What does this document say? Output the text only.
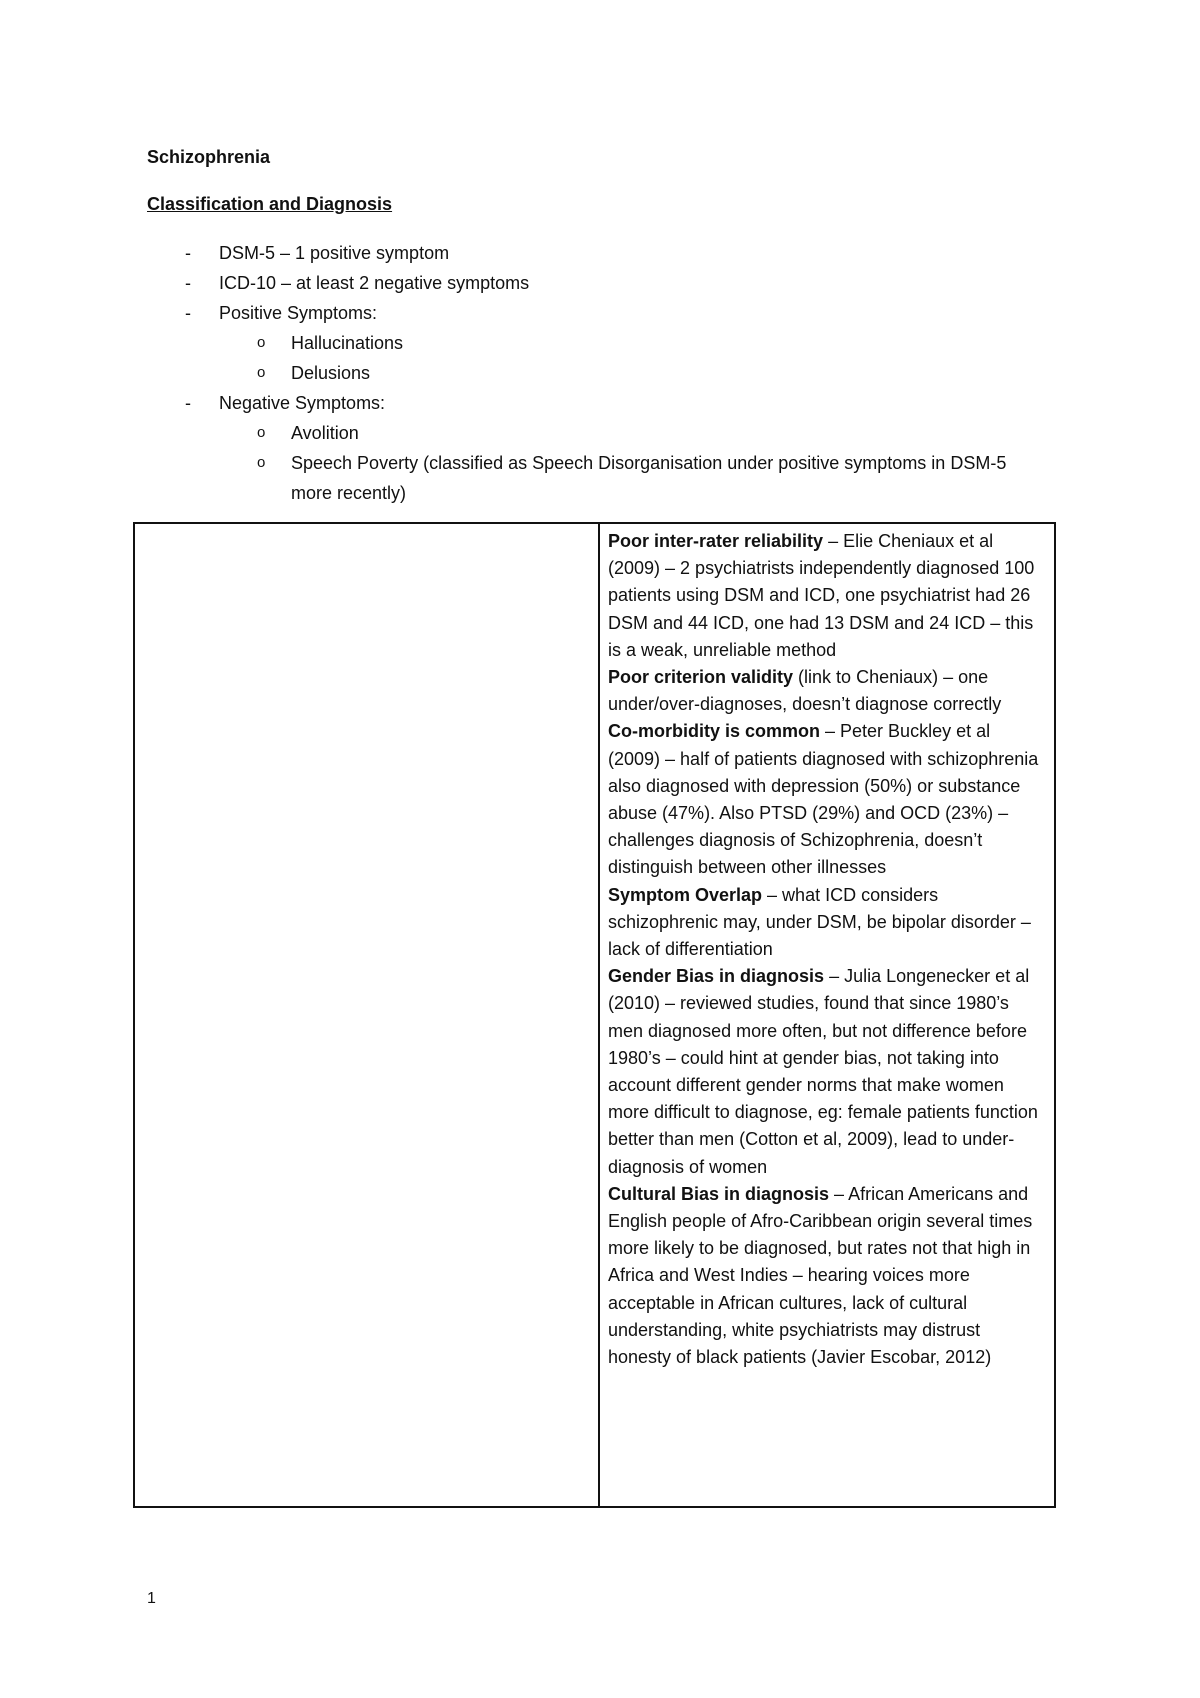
Schizophrenia
Classification and Diagnosis
- DSM-5 – 1 positive symptom
- ICD-10 – at least 2 negative symptoms
- Positive Symptoms:
o Hallucinations
o Delusions
- Negative Symptoms:
o Avolition
o Speech Poverty (classified as Speech Disorganisation under positive symptoms in DSM-5 more recently)

Poor inter-rater reliability – Elie Cheniaux et al (2009) – 2 psychiatrists independently diagnosed 100 patients using DSM and ICD, one psychiatrist had 26 DSM and 44 ICD, one had 13 DSM and 24 ICD – this is a weak, unreliable method
Poor criterion validity (link to Cheniaux) – one under/over-diagnoses, doesn’t diagnose correctly
Co-morbidity is common – Peter Buckley et al (2009) – half of patients diagnosed with schizophrenia also diagnosed with depression (50%) or substance abuse (47%). Also PTSD (29%) and OCD (23%) – challenges diagnosis of Schizophrenia, doesn’t distinguish between other illnesses
Symptom Overlap – what ICD considers schizophrenic may, under DSM, be bipolar disorder – lack of differentiation
Gender Bias in diagnosis – Julia Longenecker et al (2010) – reviewed studies, found that since 1980’s men diagnosed more often, but not difference before 1980’s – could hint at gender bias, not taking into account different gender norms that make women more difficult to diagnose, eg: female patients function better than men (Cotton et al, 2009), lead to under-diagnosis of women
Cultural Bias in diagnosis – African Americans and English people of Afro-Caribbean origin several times more likely to be diagnosed, but rates not that high in Africa and West Indies – hearing voices more acceptable in African cultures, lack of cultural understanding, white psychiatrists may distrust honesty of black patients (Javier Escobar, 2012)

1
